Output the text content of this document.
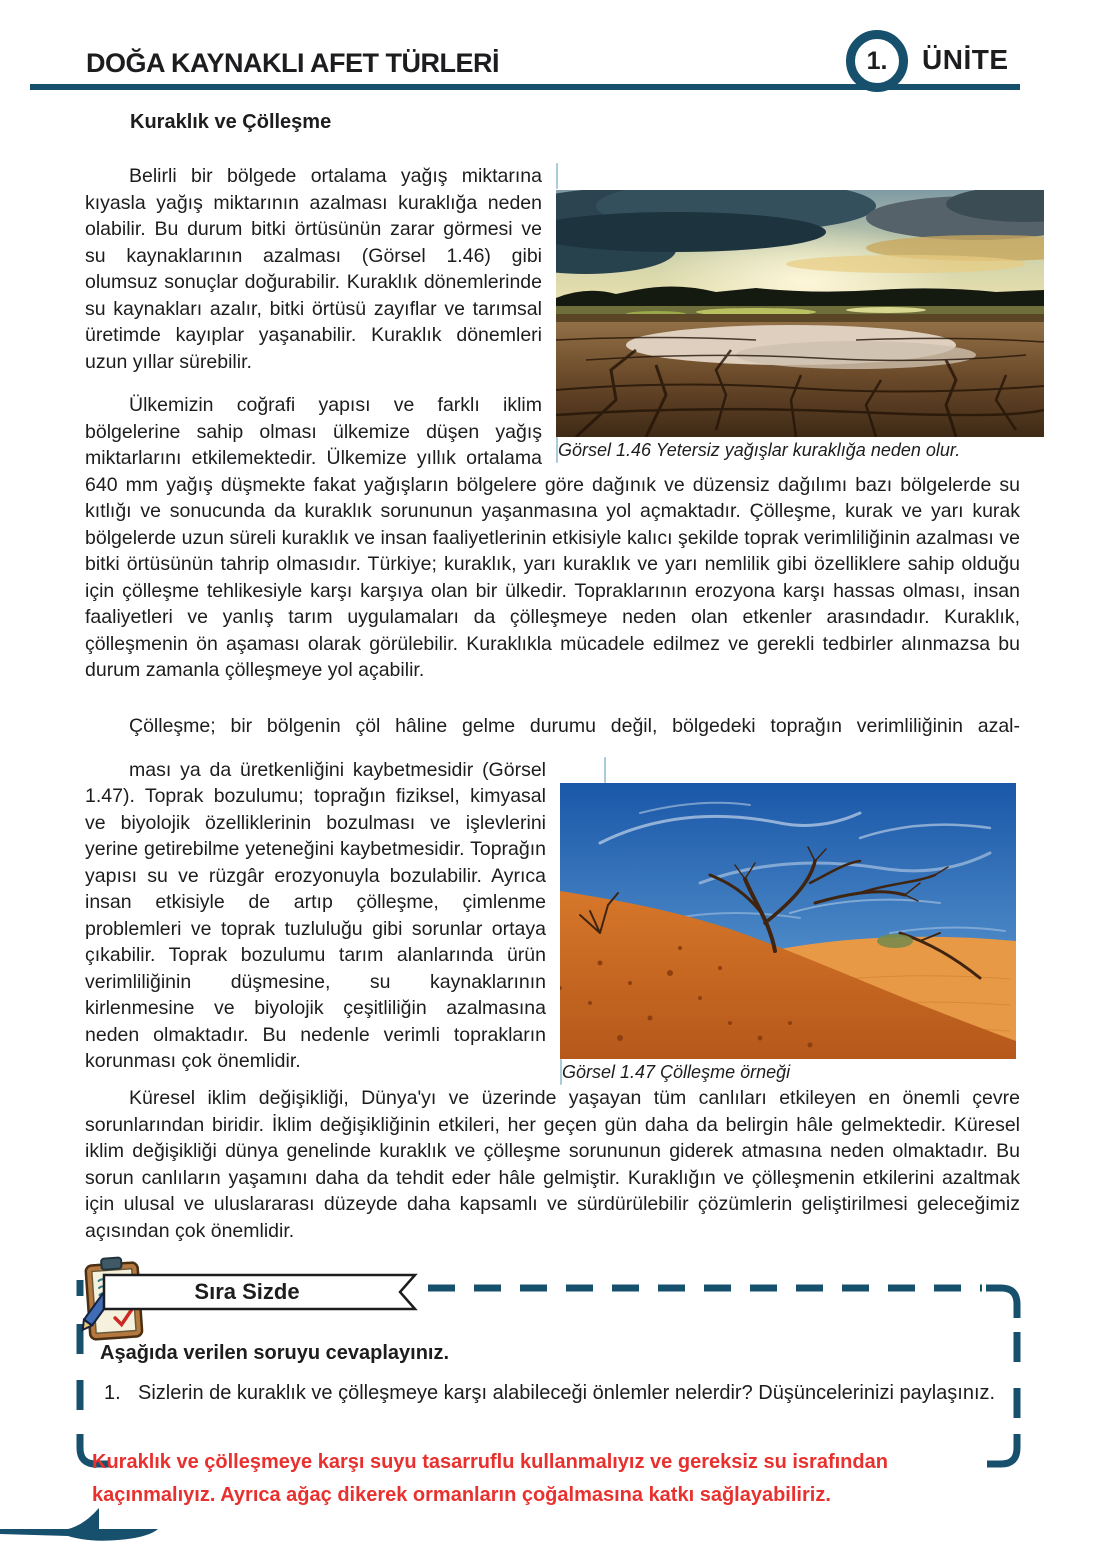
DOĞA KAYNAKLI AFET TÜRLERİ	1.	ÜNİTE
Kuraklık ve Çölleşme
Görsel 1.46 Yetersiz yağışlar kuraklığa neden olur.

Belirli bir bölgede ortalama yağış miktarına kıyasla yağış miktarının azalması kuraklığa neden olabilir. Bu durum bitki örtüsünün zarar görmesi ve su kaynaklarının azalması (Görsel 1.46) gibi olumsuz sonuçlar doğurabilir. Kuraklık dönemlerinde su kaynakları azalır, bitki örtüsü zayıflar ve tarımsal üretimde kayıplar yaşanabilir. Kuraklık dönemleri uzun yıllar sürebilir.

Ülkemizin coğrafi yapısı ve farklı iklim bölgelerine sahip olması ülkemize düşen yağış miktarlarını etkilemektedir. Ülkemize yıllık ortalama 640 mm yağış düşmekte fakat yağışların bölgelere göre dağınık ve düzensiz dağılımı bazı bölgelerde su kıtlığı ve sonucunda da kuraklık sorununun yaşanmasına yol açmaktadır. Çölleşme, kurak ve yarı kurak bölgelerde uzun süreli kuraklık ve insan faaliyetlerinin etkisiyle kalıcı şekilde toprak verimliliğinin azalması ve bitki örtüsünün tahrip olmasıdır. Türkiye; kuraklık, yarı kuraklık ve yarı nemlilik gibi özelliklere sahip olduğu için çölleşme tehlikesiyle karşı karşıya olan bir ülkedir. Topraklarının erozyona karşı hassas olması, insan faaliyetleri ve yanlış tarım uygulamaları da çölleşmeye neden olan etkenler arasındadır. Kuraklık, çölleşmenin ön aşaması olarak görülebilir. Kuraklıkla mücadele edilmez ve gerekli tedbirler alınmazsa bu durum zamanla çölleşmeye yol açabilir.

Çölleşme; bir bölgenin çöl hâline gelme durumu değil, bölgedeki toprağın verimliliğinin azal-

Görsel 1.47 Çölleşme örneği
ması ya da üretkenliğini kaybetmesidir (Görsel 1.47). Toprak bozulumu; toprağın fiziksel, kimyasal ve biyolojik özelliklerinin bozulması ve işlevlerini yerine getirebilme yeteneğini kaybetmesidir. Toprağın yapısı su ve rüzgâr erozyonuyla bozulabilir. Ayrıca insan etkisiyle de artıp çölleşme, çimlenme problemleri ve toprak tuzluluğu gibi sorunlar ortaya çıkabilir. Toprak bozulumu tarım alanlarında ürün verimliliğinin düşmesine, su kaynaklarının kirlenmesine ve biyolojik çeşitliliğin azalmasına neden olmaktadır. Bu nedenle verimli toprakların korunması çok önemlidir.

Küresel iklim değişikliği, Dünya'yı ve üzerinde yaşayan tüm canlıları etkileyen en önemli çevre sorunlarından biridir. İklim değişikliğinin etkileri, her geçen gün daha da belirgin hâle gelmektedir. Küresel iklim değişikliği dünya genelinde kuraklık ve çölleşme sorununun giderek atmasına neden olmaktadır. Bu sorun canlıların yaşamını daha da tehdit eder hâle gelmiştir. Kuraklığın ve çölleşmenin etkilerini azaltmak için ulusal ve uluslararası düzeyde daha kapsamlı ve sürdürülebilir çözümlerin geliştirilmesi geleceğimiz açısından çok önemlidir.

Sıra Sizde
Aşağıda verilen soruyu cevaplayınız.
1. Sizlerin de kuraklık ve çölleşmeye karşı alabileceği önlemler nelerdir? Düşüncelerinizi paylaşınız.
Kuraklık ve çölleşmeye karşı suyu tasarruflu kullanmalıyız ve gereksiz su israfından kaçınmalıyız. Ayrıca ağaç dikerek ormanların çoğalmasına katkı sağlayabiliriz.
